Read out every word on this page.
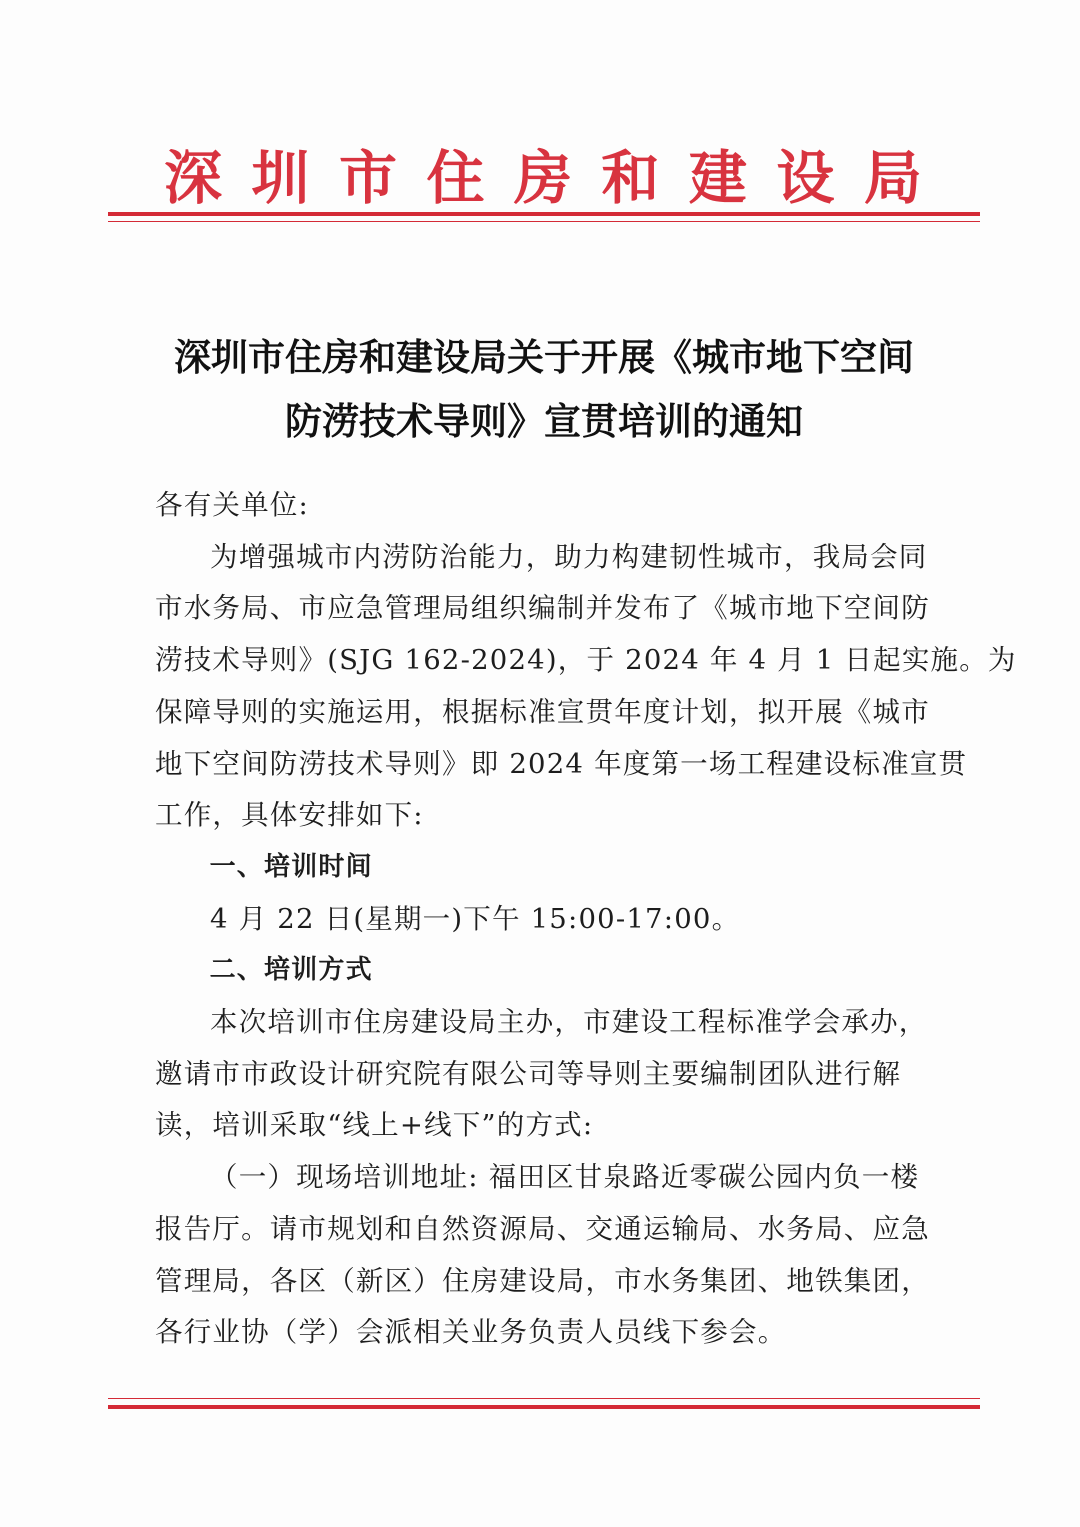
深 圳 市 住 房 和 建 设 局
深圳市住房和建设局关于开展《城市地下空间
防涝技术导则》宣贯培训的通知

各有关单位:

为增强城市内涝防治能力，助力构建韧性城市，我局会同
市水务局、市应急管理局组织编制并发布了《城市地下空间防
涝技术导则》(SJG 162-2024)，于 2024 年 4 月 1 日起实施。为
保障导则的实施运用，根据标准宣贯年度计划，拟开展《城市
地下空间防涝技术导则》即 2024 年度第一场工程建设标准宣贯
工作，具体安排如下:

一、培训时间

4 月 22 日(星期一)下午 15:00-17:00。

二、培训方式

本次培训市住房建设局主办，市建设工程标准学会承办，
邀请市市政设计研究院有限公司等导则主要编制团队进行解
读，培训采取“线上+线下”的方式:

（一）现场培训地址: 福田区甘泉路近零碳公园内负一楼
报告厅。请市规划和自然资源局、交通运输局、水务局、应急
管理局，各区（新区）住房建设局，市水务集团、地铁集团，
各行业协（学）会派相关业务负责人员线下参会。
